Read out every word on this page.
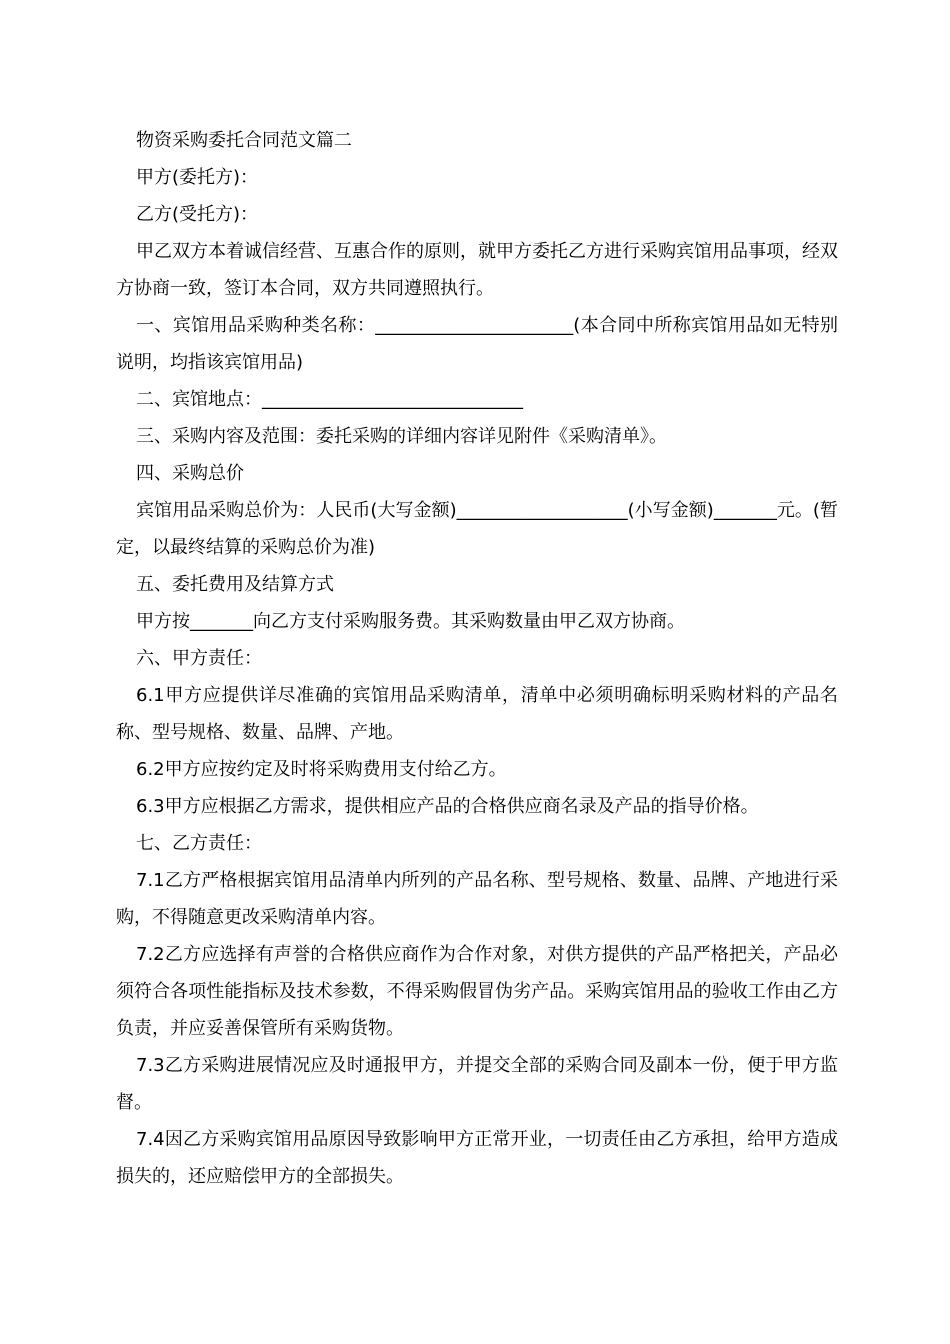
物资采购委托合同范文篇二

甲方(委托方)：

乙方(受托方)：

甲乙双方本着诚信经营、互惠合作的原则，就甲方委托乙方进行采购宾馆用品事项，经双方协商一致，签订本合同，双方共同遵照执行。

一、宾馆用品采购种类名称：______________________(本合同中所称宾馆用品如无特别说明，均指该宾馆用品)

二、宾馆地点：_____________________________

三、采购内容及范围：委托采购的详细内容详见附件《采购清单》。

四、采购总价

宾馆用品采购总价为：人民币(大写金额)___________________(小写金额)_______元。(暂定，以最终结算的采购总价为准)

五、委托费用及结算方式

甲方按_______向乙方支付采购服务费。其采购数量由甲乙双方协商。

六、甲方责任：

6.1甲方应提供详尽准确的宾馆用品采购清单，清单中必须明确标明采购材料的产品名称、型号规格、数量、品牌、产地。

6.2甲方应按约定及时将采购费用支付给乙方。

6.3甲方应根据乙方需求，提供相应产品的合格供应商名录及产品的指导价格。

七、乙方责任：

7.1乙方严格根据宾馆用品清单内所列的产品名称、型号规格、数量、品牌、产地进行采购，不得随意更改采购清单内容。

7.2乙方应选择有声誉的合格供应商作为合作对象，对供方提供的产品严格把关，产品必须符合各项性能指标及技术参数，不得采购假冒伪劣产品。采购宾馆用品的验收工作由乙方负责，并应妥善保管所有采购货物。

7.3乙方采购进展情况应及时通报甲方，并提交全部的采购合同及副本一份，便于甲方监督。

7.4因乙方采购宾馆用品原因导致影响甲方正常开业，一切责任由乙方承担，给甲方造成损失的，还应赔偿甲方的全部损失。
